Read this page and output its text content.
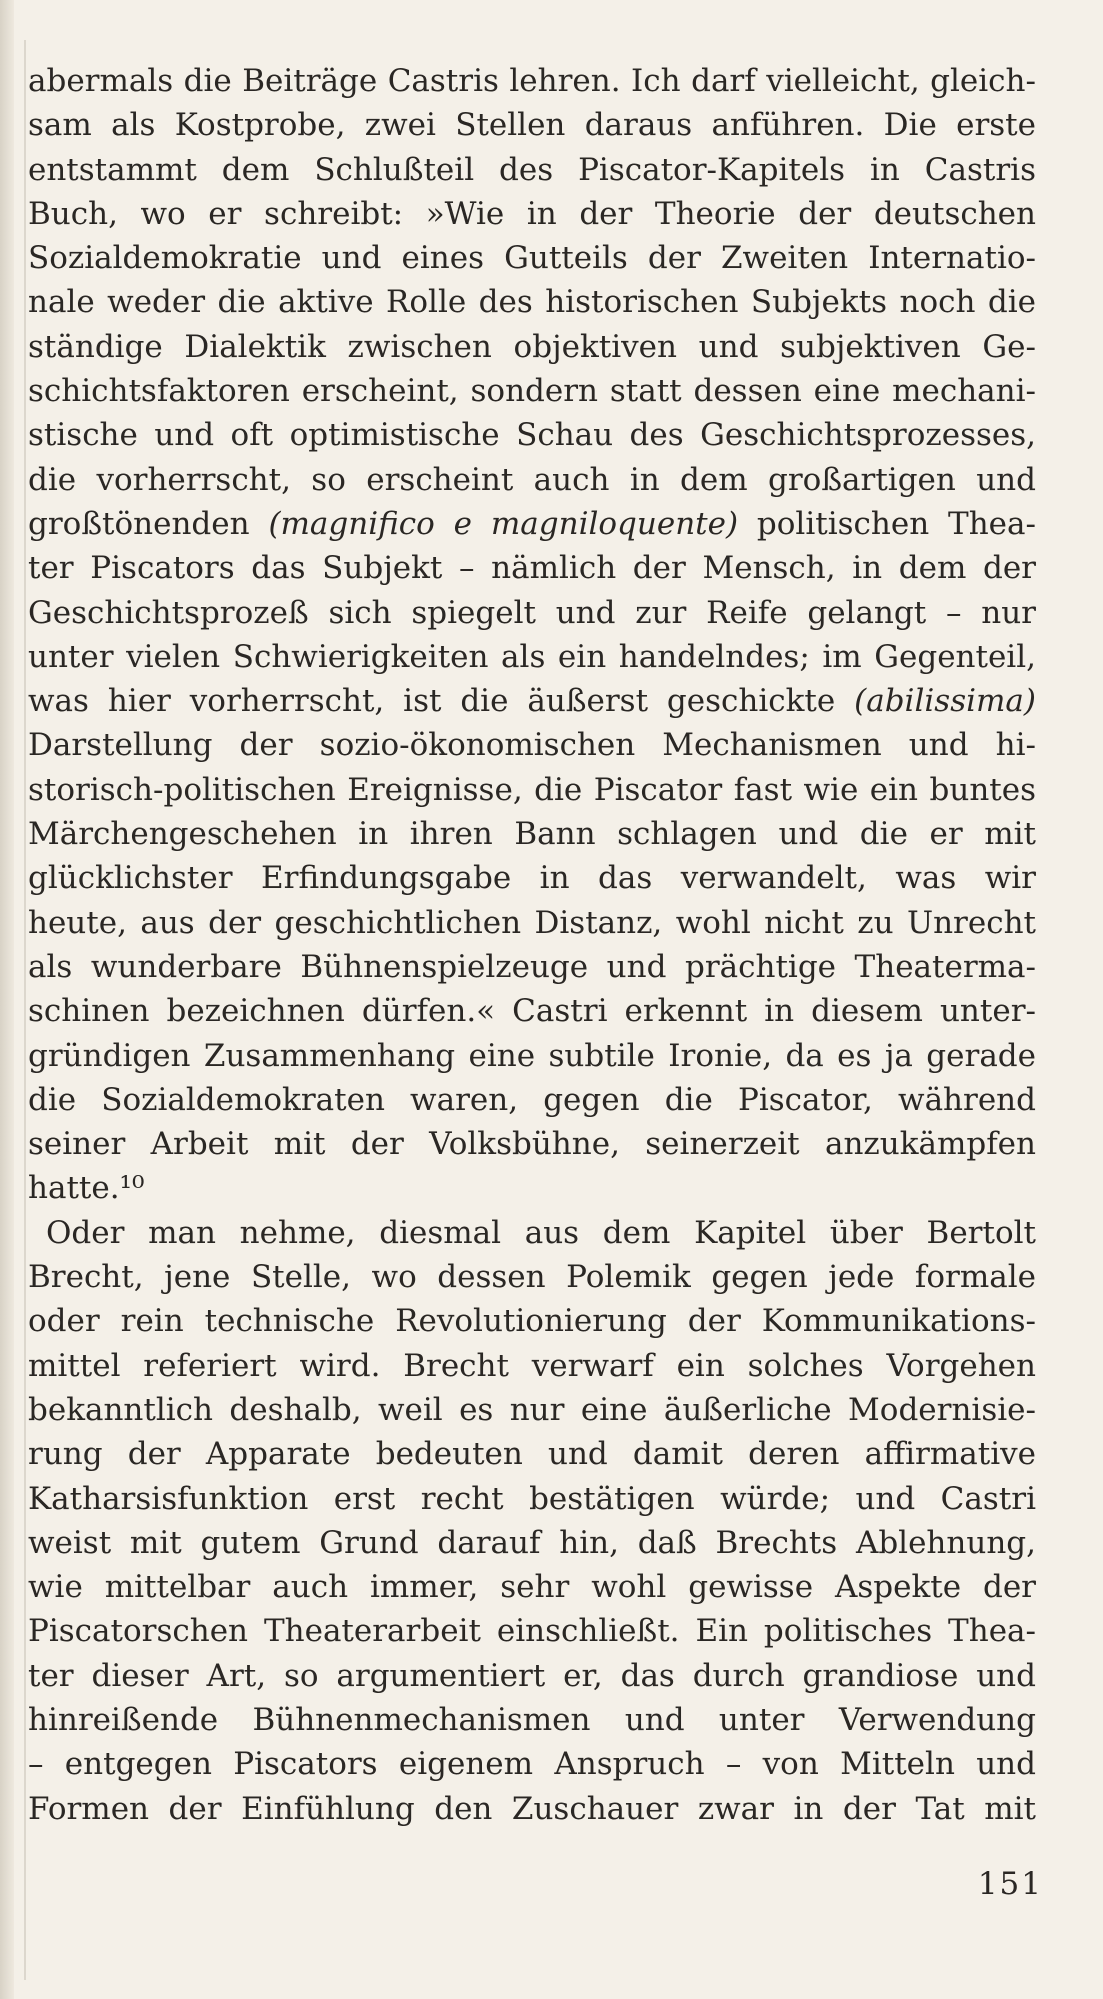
abermals die Beiträge Castris lehren. Ich darf vielleicht, gleich-
sam als Kostprobe, zwei Stellen daraus anführen. Die erste
entstammt dem Schlußteil des Piscator-Kapitels in Castris
Buch, wo er schreibt: »Wie in der Theorie der deutschen
Sozialdemokratie und eines Gutteils der Zweiten Internatio-
nale weder die aktive Rolle des historischen Subjekts noch die
ständige Dialektik zwischen objektiven und subjektiven Ge-
schichtsfaktoren erscheint, sondern statt dessen eine mechani-
stische und oft optimistische Schau des Geschichtsprozesses,
die vorherrscht, so erscheint auch in dem großartigen und
großtönenden (magnifico e magniloquente) politischen Thea-
ter Piscators das Subjekt – nämlich der Mensch, in dem der
Geschichtsprozeß sich spiegelt und zur Reife gelangt – nur
unter vielen Schwierigkeiten als ein handelndes; im Gegenteil,
was hier vorherrscht, ist die äußerst geschickte (abilissima)
Darstellung der sozio-ökonomischen Mechanismen und hi-
storisch-politischen Ereignisse, die Piscator fast wie ein buntes
Märchengeschehen in ihren Bann schlagen und die er mit
glücklichster Erfindungsgabe in das verwandelt, was wir
heute, aus der geschichtlichen Distanz, wohl nicht zu Unrecht
als wunderbare Bühnenspielzeuge und prächtige Theaterma-
schinen bezeichnen dürfen.« Castri erkennt in diesem unter-
gründigen Zusammenhang eine subtile Ironie, da es ja gerade
die Sozialdemokraten waren, gegen die Piscator, während
seiner Arbeit mit der Volksbühne, seinerzeit anzukämpfen
hatte.¹⁰
Oder man nehme, diesmal aus dem Kapitel über Bertolt
Brecht, jene Stelle, wo dessen Polemik gegen jede formale
oder rein technische Revolutionierung der Kommunikations-
mittel referiert wird. Brecht verwarf ein solches Vorgehen
bekanntlich deshalb, weil es nur eine äußerliche Modernisie-
rung der Apparate bedeuten und damit deren affirmative
Katharsisfunktion erst recht bestätigen würde; und Castri
weist mit gutem Grund darauf hin, daß Brechts Ablehnung,
wie mittelbar auch immer, sehr wohl gewisse Aspekte der
Piscatorschen Theaterarbeit einschließt. Ein politisches Thea-
ter dieser Art, so argumentiert er, das durch grandiose und
hinreißende Bühnenmechanismen und unter Verwendung
– entgegen Piscators eigenem Anspruch – von Mitteln und
Formen der Einfühlung den Zuschauer zwar in der Tat mit
151
